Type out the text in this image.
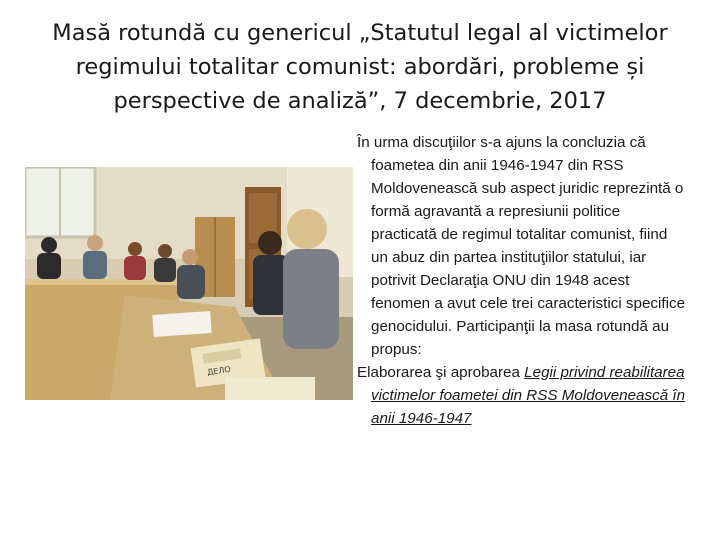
Masă rotundă cu genericul „Statutul legal al victimelor regimului totalitar comunist: abordări, probleme și perspective de analiză”, 7 decembrie, 2017
ДЕЛО

În urma discuţiilor s-a ajuns la concluzia că foametea din anii 1946-1947 din RSS Moldovenească sub aspect juridic reprezintă o formă agravantă a represiunii politice practicată de regimul totalitar comunist, fiind un abuz din partea instituţiilor statului, iar potrivit Declaraţia ONU din 1948 acest fenomen a avut cele trei caracteristici specifice genocidului. Participanţii la masa rotundă au propus:

Elaborarea şi aprobarea Legii privind reabilitarea victimelor foametei din RSS Moldovenească în anii 1946-1947
